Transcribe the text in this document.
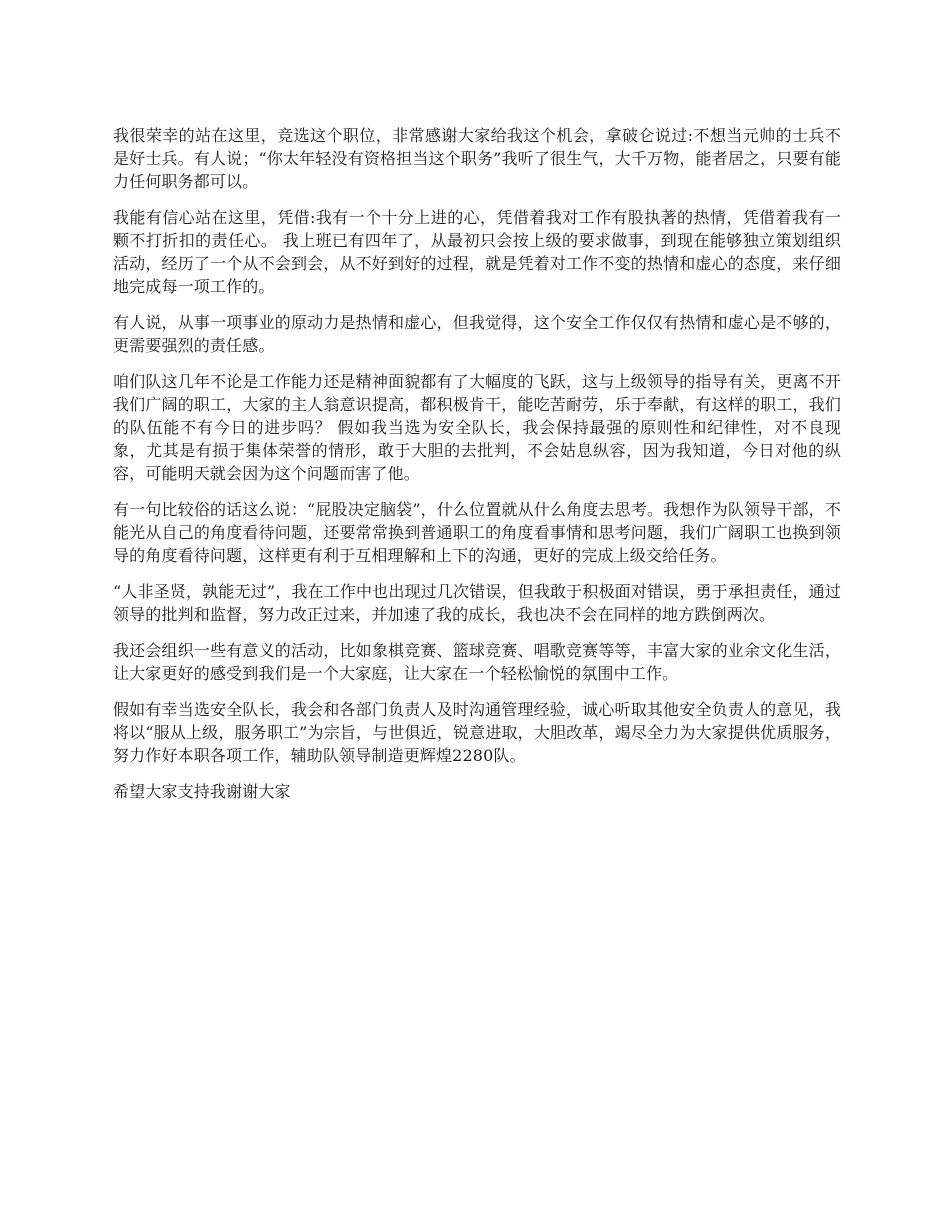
我很荣幸的站在这里，竞选这个职位，非常感谢大家给我这个机会，拿破仑说过:不想当元帅的士兵不是好士兵。有人说；“你太年轻没有资格担当这个职务”我听了很生气，大千万物，能者居之，只要有能力任何职务都可以。

我能有信心站在这里，凭借:我有一个十分上进的心，凭借着我对工作有股执著的热情，凭借着我有一颗不打折扣的责任心。 我上班已有四年了，从最初只会按上级的要求做事，到现在能够独立策划组织活动，经历了一个从不会到会，从不好到好的过程，就是凭着对工作不变的热情和虚心的态度，来仔细地完成每一项工作的。

有人说，从事一项事业的原动力是热情和虚心，但我觉得，这个安全工作仅仅有热情和虚心是不够的，更需要强烈的责任感。

咱们队这几年不论是工作能力还是精神面貌都有了大幅度的飞跃，这与上级领导的指导有关，更离不开我们广阔的职工，大家的主人翁意识提高，都积极肯干，能吃苦耐劳，乐于奉献，有这样的职工，我们的队伍能不有今日的进步吗？ 假如我当选为安全队长，我会保持最强的原则性和纪律性，对不良现象，尤其是有损于集体荣誉的情形，敢于大胆的去批判，不会姑息纵容，因为我知道，今日对他的纵容，可能明天就会因为这个问题而害了他。

有一句比较俗的话这么说：“屁股决定脑袋”，什么位置就从什么角度去思考。我想作为队领导干部，不能光从自己的角度看待问题，还要常常换到普通职工的角度看事情和思考问题，我们广阔职工也换到领导的角度看待问题，这样更有利于互相理解和上下的沟通，更好的完成上级交给任务。

“人非圣贤，孰能无过”，我在工作中也出现过几次错误，但我敢于积极面对错误，勇于承担责任，通过领导的批判和监督，努力改正过来，并加速了我的成长，我也决不会在同样的地方跌倒两次。

我还会组织一些有意义的活动，比如象棋竞赛、篮球竞赛、唱歌竞赛等等，丰富大家的业余文化生活，让大家更好的感受到我们是一个大家庭，让大家在一个轻松愉悦的氛围中工作。

假如有幸当选安全队长，我会和各部门负责人及时沟通管理经验，诚心听取其他安全负责人的意见，我将以“服从上级，服务职工”为宗旨，与世俱近，锐意进取，大胆改革，竭尽全力为大家提供优质服务，努力作好本职各项工作，辅助队领导制造更辉煌2280队。

希望大家支持我谢谢大家
